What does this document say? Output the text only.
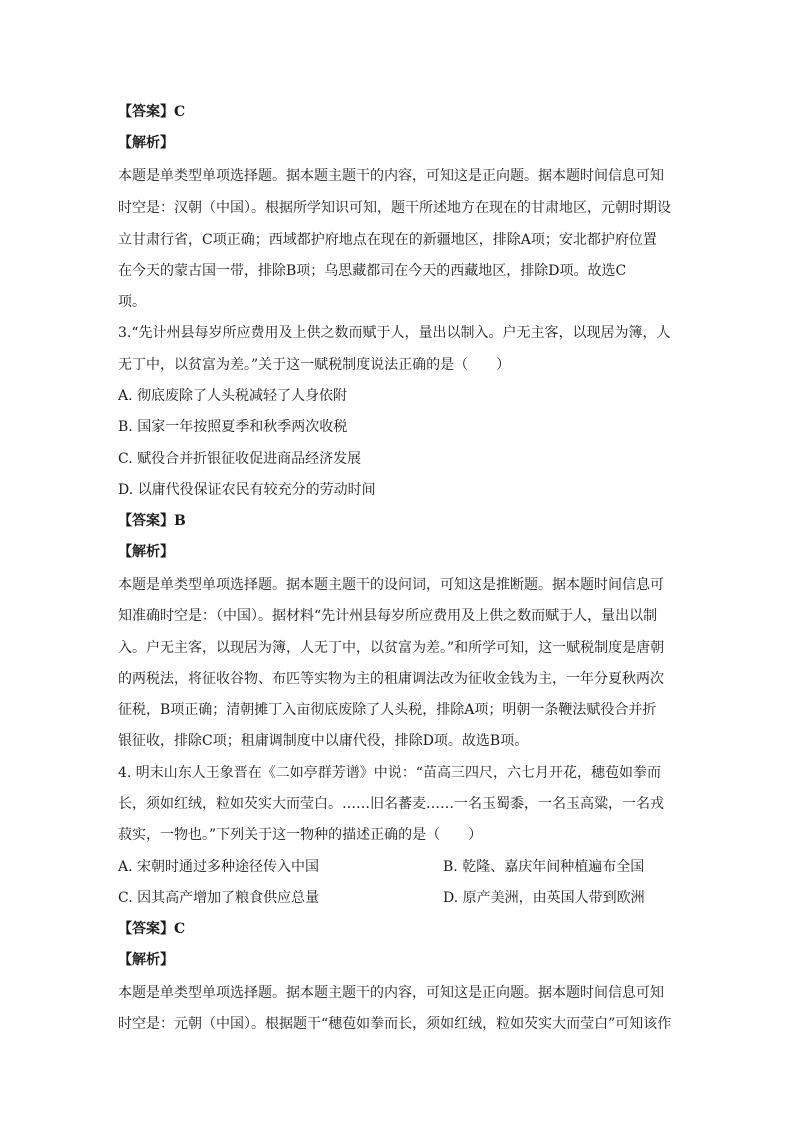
【答案】C
【解析】
本题是单类型单项选择题。据本题主题干的内容，可知这是正向题。据本题时间信息可知
时空是：汉朝（中国）。根据所学知识可知，题干所述地方在现在的甘肃地区，元朝时期设
立甘肃行省，C项正确；西域都护府地点在现在的新疆地区，排除A项；安北都护府位置
在今天的蒙古国一带，排除B项；乌思藏都司在今天的西藏地区，排除D项。故选C
项。
3.“先计州县每岁所应费用及上供之数而赋于人，量出以制入。户无主客，以现居为簿，人
无丁中，以贫富为差。”关于这一赋税制度说法正确的是（　　）
A. 彻底废除了人头税减轻了人身依附
B. 国家一年按照夏季和秋季两次收税
C. 赋役合并折银征收促进商品经济发展
D. 以庸代役保证农民有较充分的劳动时间
【答案】B
【解析】
本题是单类型单项选择题。据本题主题干的设问词，可知这是推断题。据本题时间信息可
知准确时空是：（中国）。据材料“先计州县每岁所应费用及上供之数而赋于人，量出以制
入。户无主客，以现居为簿，人无丁中，以贫富为差。”和所学可知，这一赋税制度是唐朝
的两税法，将征收谷物、布匹等实物为主的租庸调法改为征收金钱为主，一年分夏秋两次
征税，B项正确；清朝摊丁入亩彻底废除了人头税，排除A项；明朝一条鞭法赋役合并折
银征收，排除C项；租庸调制度中以庸代役，排除D项。故选B项。
4. 明末山东人王象晋在《二如亭群芳谱》中说：“苗高三四尺，六七月开花，穗苞如拳而
长，须如红绒，粒如芡实大而莹白。……旧名蕃麦……一名玉蜀黍，一名玉高粱，一名戎
菽实，一物也。”下列关于这一物种的描述正确的是（　　）
A. 宋朝时通过多种途径传入中国	B. 乾隆、嘉庆年间种植遍布全国
C. 因其高产增加了粮食供应总量	D. 原产美洲，由英国人带到欧洲
【答案】C
【解析】
本题是单类型单项选择题。据本题主题干的内容，可知这是正向题。据本题时间信息可知
时空是：元朝（中国）。根据题干“穗苞如拳而长，须如红绒，粒如芡实大而莹白”可知该作
